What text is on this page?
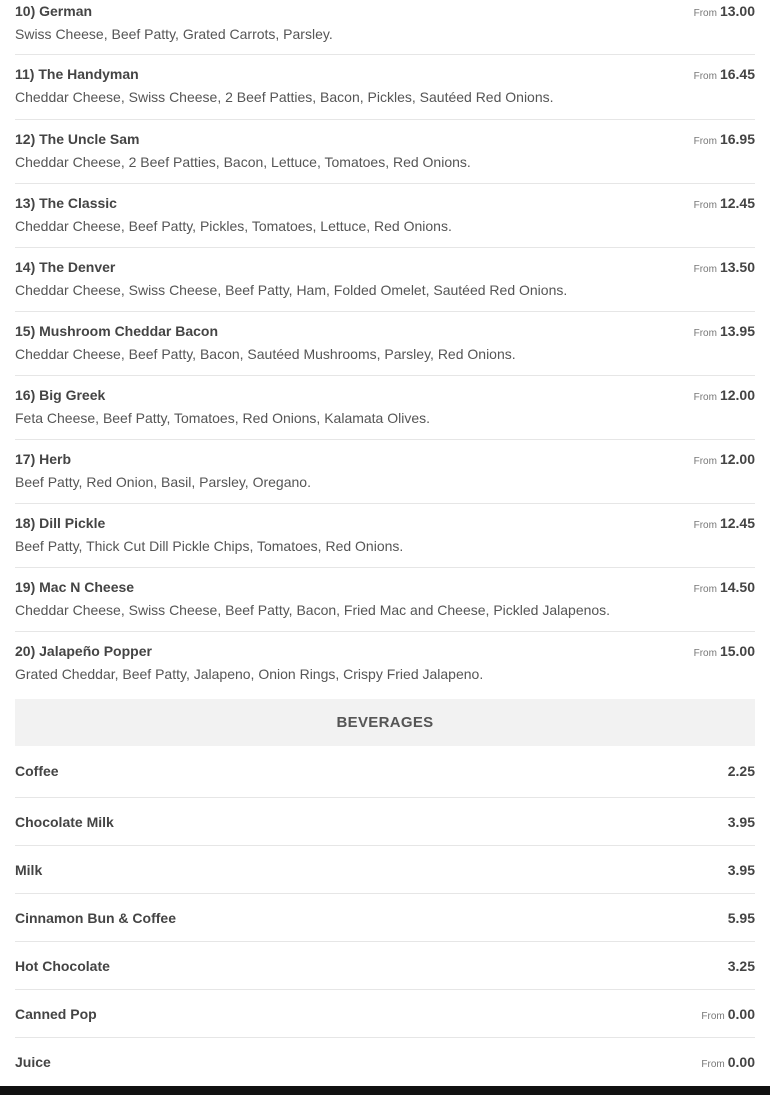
10) German
Swiss Cheese, Beef Patty, Grated Carrots, Parsley.
From 13.00
11) The Handyman
Cheddar Cheese, Swiss Cheese, 2 Beef Patties, Bacon, Pickles, Sautéed Red Onions.
From 16.45
12) The Uncle Sam
Cheddar Cheese, 2 Beef Patties, Bacon, Lettuce, Tomatoes, Red Onions.
From 16.95
13) The Classic
Cheddar Cheese, Beef Patty, Pickles, Tomatoes, Lettuce, Red Onions.
From 12.45
14) The Denver
Cheddar Cheese, Swiss Cheese, Beef Patty, Ham, Folded Omelet, Sautéed Red Onions.
From 13.50
15) Mushroom Cheddar Bacon
Cheddar Cheese, Beef Patty, Bacon, Sautéed Mushrooms, Parsley, Red Onions.
From 13.95
16) Big Greek
Feta Cheese, Beef Patty, Tomatoes, Red Onions, Kalamata Olives.
From 12.00
17) Herb
Beef Patty, Red Onion, Basil, Parsley, Oregano.
From 12.00
18) Dill Pickle
Beef Patty, Thick Cut Dill Pickle Chips, Tomatoes, Red Onions.
From 12.45
19) Mac N Cheese
Cheddar Cheese, Swiss Cheese, Beef Patty, Bacon, Fried Mac and Cheese, Pickled Jalapenos.
From 14.50
20) Jalapeño Popper
Grated Cheddar, Beef Patty, Jalapeno, Onion Rings, Crispy Fried Jalapeno.
From 15.00
BEVERAGES
Coffee	2.25
Chocolate Milk	3.95
Milk	3.95
Cinnamon Bun & Coffee	5.95
Hot Chocolate	3.25
Canned Pop	From 0.00
Juice	From 0.00
